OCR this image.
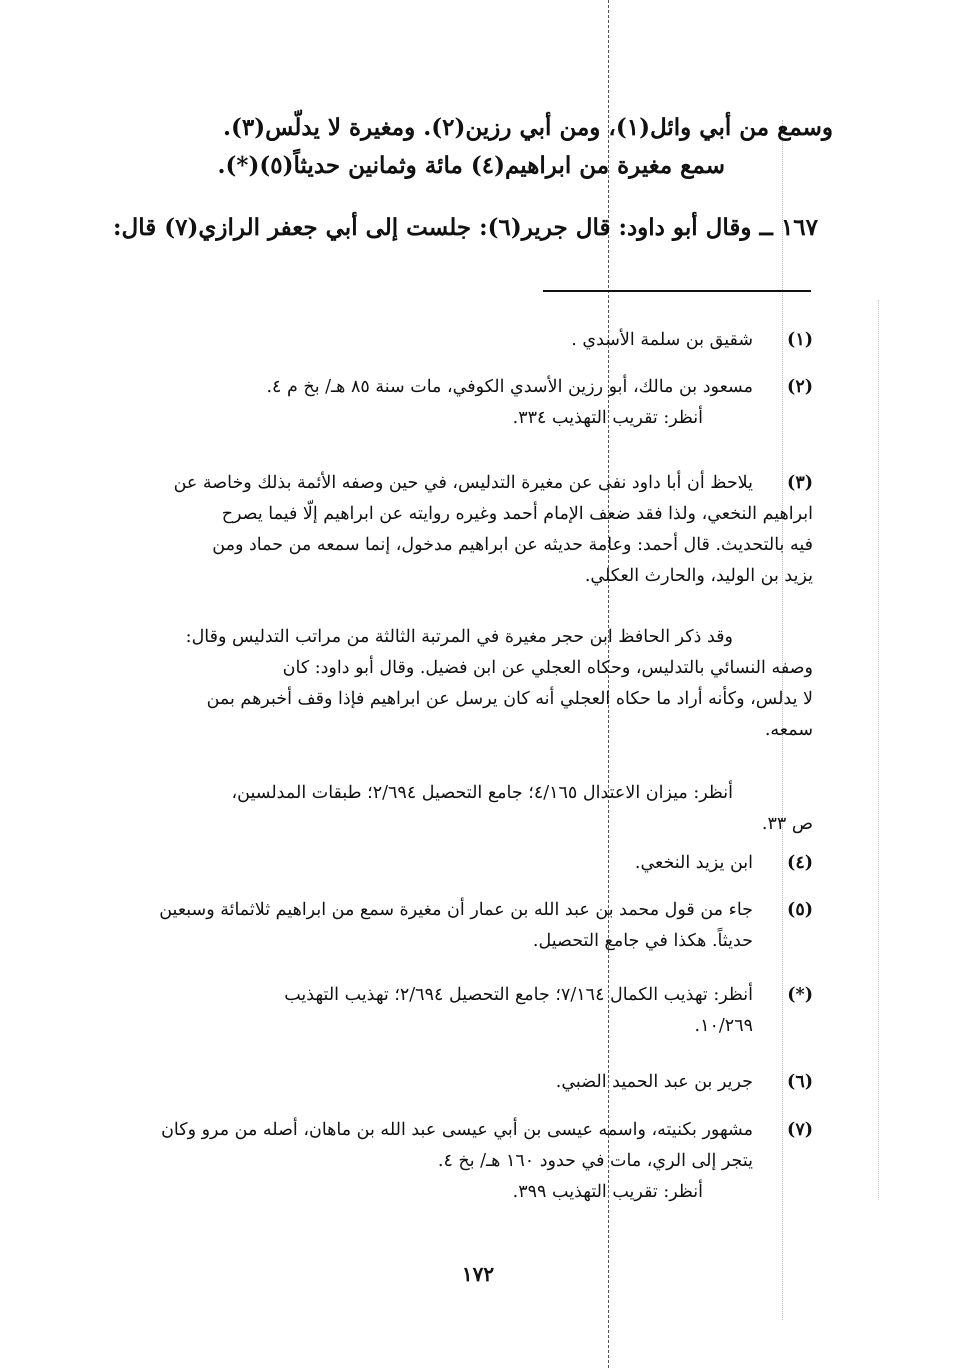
وسمع من أبي وائل(١)، ومن أبي رزين(٢). ومغيرة لا يدلّس(٣).
سمع مغيرة من ابراهيم(٤) مائة وثمانين حديثاً(٥)(*).
١٦٧ ــ وقال أبو داود: قال جرير(٦): جلست إلى أبي جعفر الرازي(٧) قال:
(١)
شقيق بن سلمة الأسدي .
(٢)
مسعود بن مالك، أبو رزين الأسدي الكوفي، مات سنة ٨٥ هـ/ بخ م ٤.
أنظر: تقريب التهذيب ٣٣٤.
(٣)
يلاحظ أن أبا داود نفى عن مغيرة التدليس، في حين وصفه الأئمة بذلك وخاصة عن
ابراهيم النخعي، ولذا فقد ضعف الإمام أحمد وغيره روايته عن ابراهيم إلّا فيما يصرح
فيه بالتحديث. قال أحمد: وعامة حديثه عن ابراهيم مدخول، إنما سمعه من حماد ومن
يزيد بن الوليد، والحارث العكلي.
وقد ذكر الحافظ ابن حجر مغيرة في المرتبة الثالثة من مراتب التدليس وقال:
وصفه النسائي بالتدليس، وحكاه العجلي عن ابن فضيل. وقال أبو داود: كان
لا يدلس، وكأنه أراد ما حكاه العجلي أنه كان يرسل عن ابراهيم فإذا وقف أخبرهم بمن
سمعه.
أنظر: ميزان الاعتدال ٤/١٦٥؛ جامع التحصيل ٢/٦٩٤؛ طبقات المدلسين،
ص ٣٣.
(٤)
ابن يزيد النخعي.
(٥)
جاء من قول محمد بن عبد الله بن عمار أن مغيرة سمع من ابراهيم ثلاثمائة وسبعين
حديثاً. هكذا في جامع التحصيل.
(*)
أنظر: تهذيب الكمال ٧/١٦٤؛ جامع التحصيل ٢/٦٩٤؛ تهذيب التهذيب
١٠/٢٦٩.
(٦)
جرير بن عبد الحميد الضبي.
(٧)
مشهور بكنيته، واسمه عيسى بن أبي عيسى عبد الله بن ماهان، أصله من مرو وكان
يتجر إلى الري، مات في حدود ١٦٠ هـ/ بخ ٤.
أنظر: تقريب التهذيب ٣٩٩.
١٧٢
